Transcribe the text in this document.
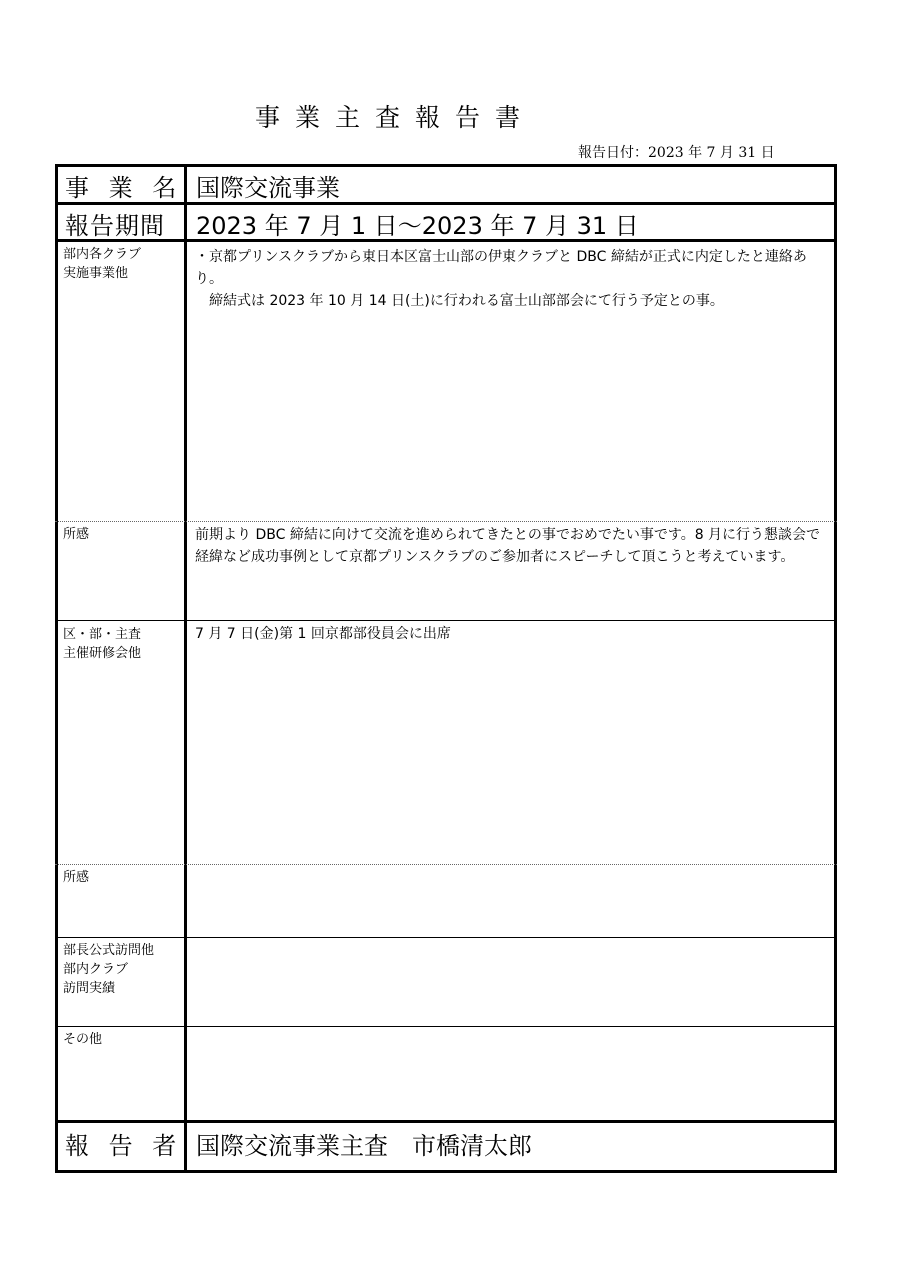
事業主査報告書
報告日付：2023 年 7 月 31 日
事 業 名 国際交流事業
報告期間 2023 年 7 月 1 日〜2023 年 7 月 31 日
部内各クラブ
実施事業他

・京都プリンスクラブから東日本区富士山部の伊東クラブと DBC 締結が正式に内定したと連絡あり。
　締結式は 2023 年 10 月 14 日(土)に行われる富士山部部会にて行う予定との事。

所感	前期より DBC 締結に向けて交流を進められてきたとの事でおめでたい事です。8 月に行う懇談会で経緯など成功事例として京都プリンスクラブのご参加者にスピーチして頂こうと考えています。

区・部・主査
主催研修会他

7 月 7 日(金)第 1 回京都部役員会に出席

所感

部長公式訪問他
部内クラブ
訪問実績

その他

報 告 者 国際交流事業主査　市橋清太郎
